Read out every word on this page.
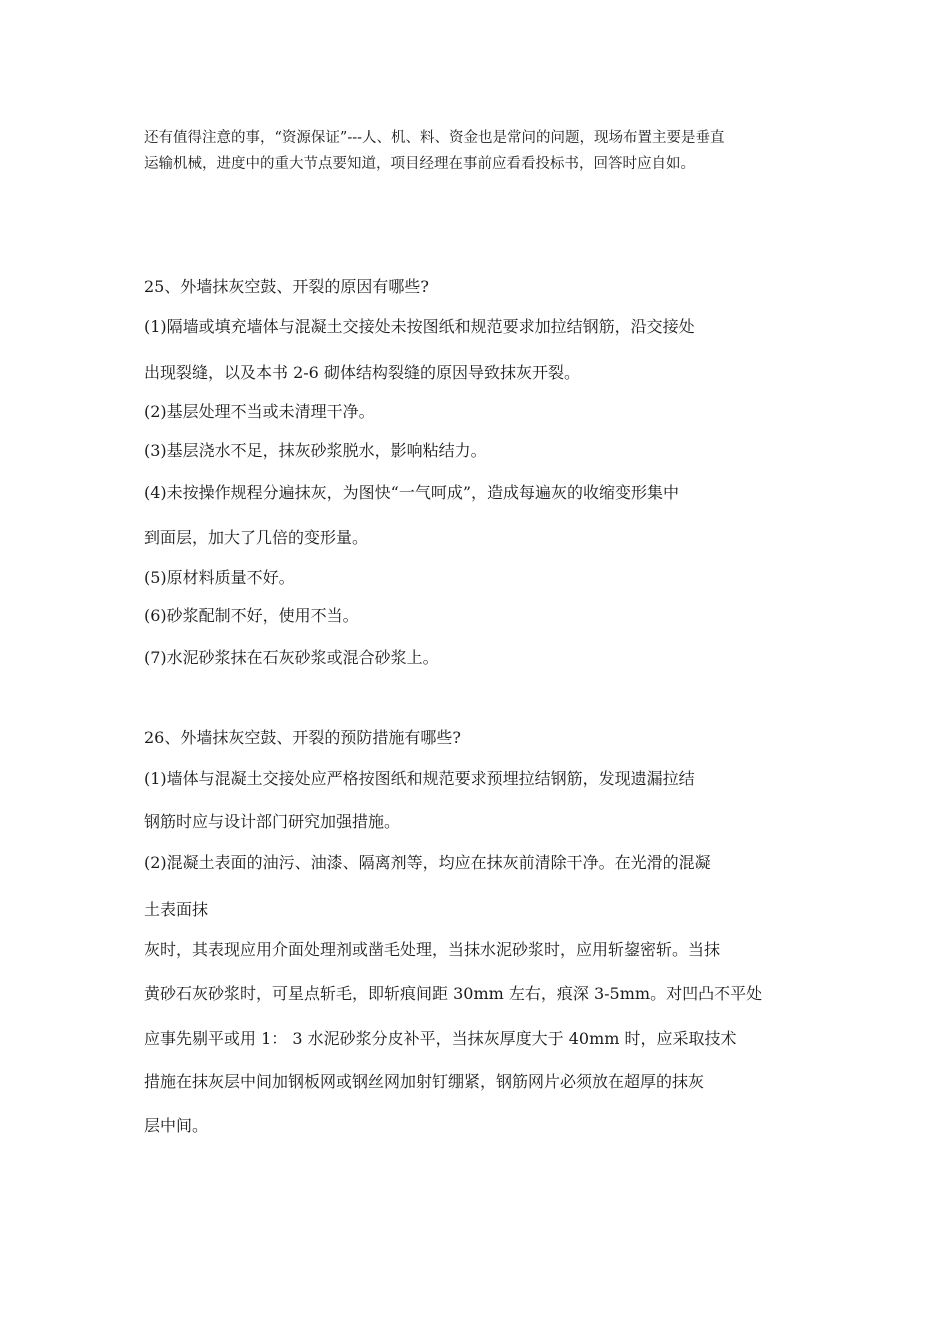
还有值得注意的事，“资源保证”---人、机、料、资金也是常问的问题，现场布置主要是垂直
运输机械，进度中的重大节点要知道，项目经理在事前应看看投标书，回答时应自如。
25、外墙抹灰空鼓、开裂的原因有哪些?
(1)隔墙或填充墙体与混凝土交接处未按图纸和规范要求加拉结钢筋，沿交接处
出现裂缝，以及本书 2-6 砌体结构裂缝的原因导致抹灰开裂。
(2)基层处理不当或未清理干净。
(3)基层浇水不足，抹灰砂浆脱水，影响粘结力。
(4)未按操作规程分遍抹灰，为图快“一气呵成”，造成每遍灰的收缩变形集中
到面层，加大了几倍的变形量。
(5)原材料质量不好。
(6)砂浆配制不好，使用不当。
(7)水泥砂浆抹在石灰砂浆或混合砂浆上。
26、外墙抹灰空鼓、开裂的预防措施有哪些?
(1)墙体与混凝土交接处应严格按图纸和规范要求预埋拉结钢筋，发现遗漏拉结
钢筋时应与设计部门研究加强措施。
(2)混凝土表面的油污、油漆、隔离剂等，均应在抹灰前清除干净。在光滑的混凝
土表面抹
灰时，其表现应用介面处理剂或凿毛处理，当抹水泥砂浆时，应用斩鋆密斩。当抹
黄砂石灰砂浆时，可星点斩毛，即斩痕间距 30mm 左右，痕深 3-5mm。对凹凸不平处
应事先剔平或用 1： 3 水泥砂浆分皮补平，当抹灰厚度大于 40mm 时，应采取技术
措施在抹灰层中间加钢板网或钢丝网加射钉绷紧，钢筋网片必须放在超厚的抹灰
层中间。
